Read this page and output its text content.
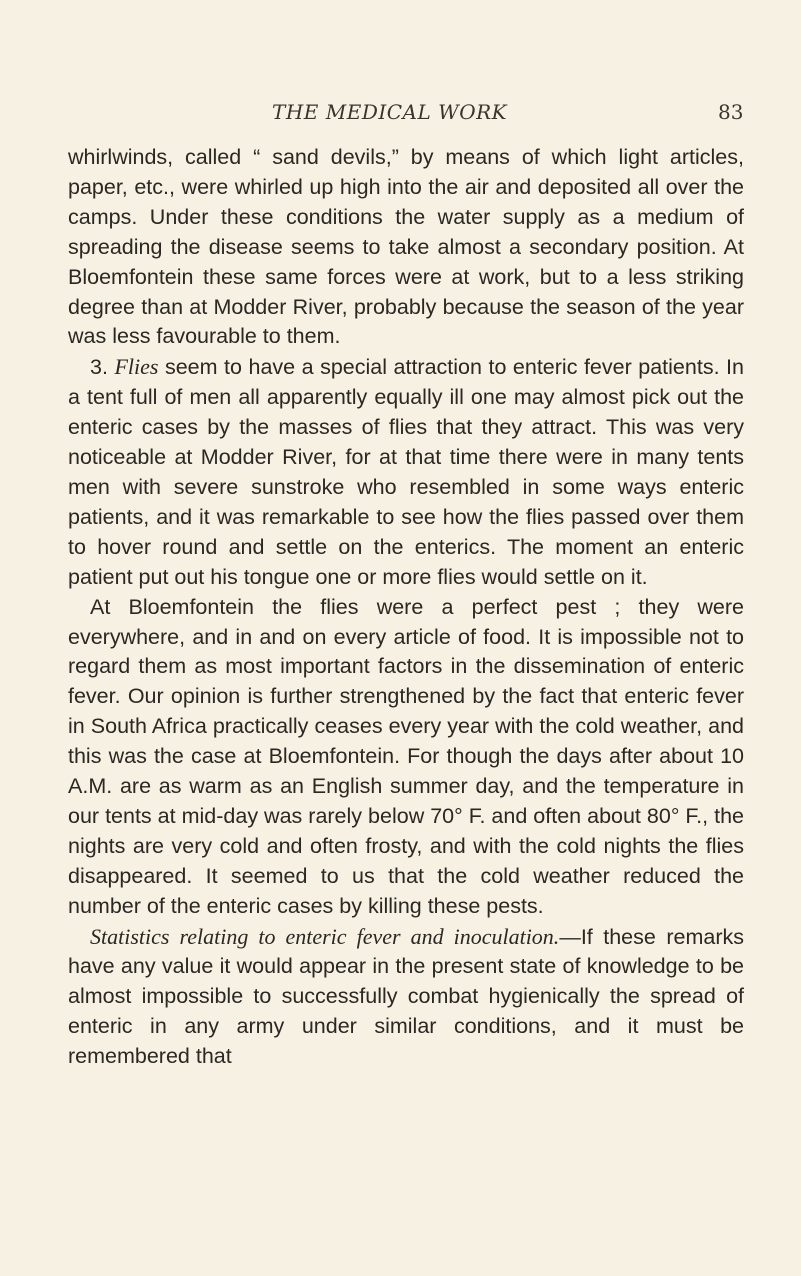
THE MEDICAL WORK	83

whirlwinds, called “ sand devils,” by means of which light articles, paper, etc., were whirled up high into the air and deposited all over the camps. Under these conditions the water supply as a medium of spreading the disease seems to take almost a secondary position. At Bloemfontein these same forces were at work, but to a less striking degree than at Modder River, probably because the season of the year was less favourable to them.

3. Flies seem to have a special attraction to enteric fever patients. In a tent full of men all apparently equally ill one may almost pick out the enteric cases by the masses of flies that they attract. This was very noticeable at Modder River, for at that time there were in many tents men with severe sunstroke who resembled in some ways enteric patients, and it was remarkable to see how the flies passed over them to hover round and settle on the enterics. The moment an enteric patient put out his tongue one or more flies would settle on it.

At Bloemfontein the flies were a perfect pest ; they were everywhere, and in and on every article of food. It is impossible not to regard them as most important factors in the dissemination of enteric fever. Our opinion is further strengthened by the fact that enteric fever in South Africa practically ceases every year with the cold weather, and this was the case at Bloemfontein. For though the days after about 10 A.M. are as warm as an English summer day, and the temperature in our tents at mid-day was rarely below 70° F. and often about 80° F., the nights are very cold and often frosty, and with the cold nights the flies disappeared. It seemed to us that the cold weather reduced the number of the enteric cases by killing these pests.

Statistics relating to enteric fever and inoculation.—If these remarks have any value it would appear in the present state of knowledge to be almost impossible to successfully combat hygienically the spread of enteric in any army under similar conditions, and it must be remembered that
